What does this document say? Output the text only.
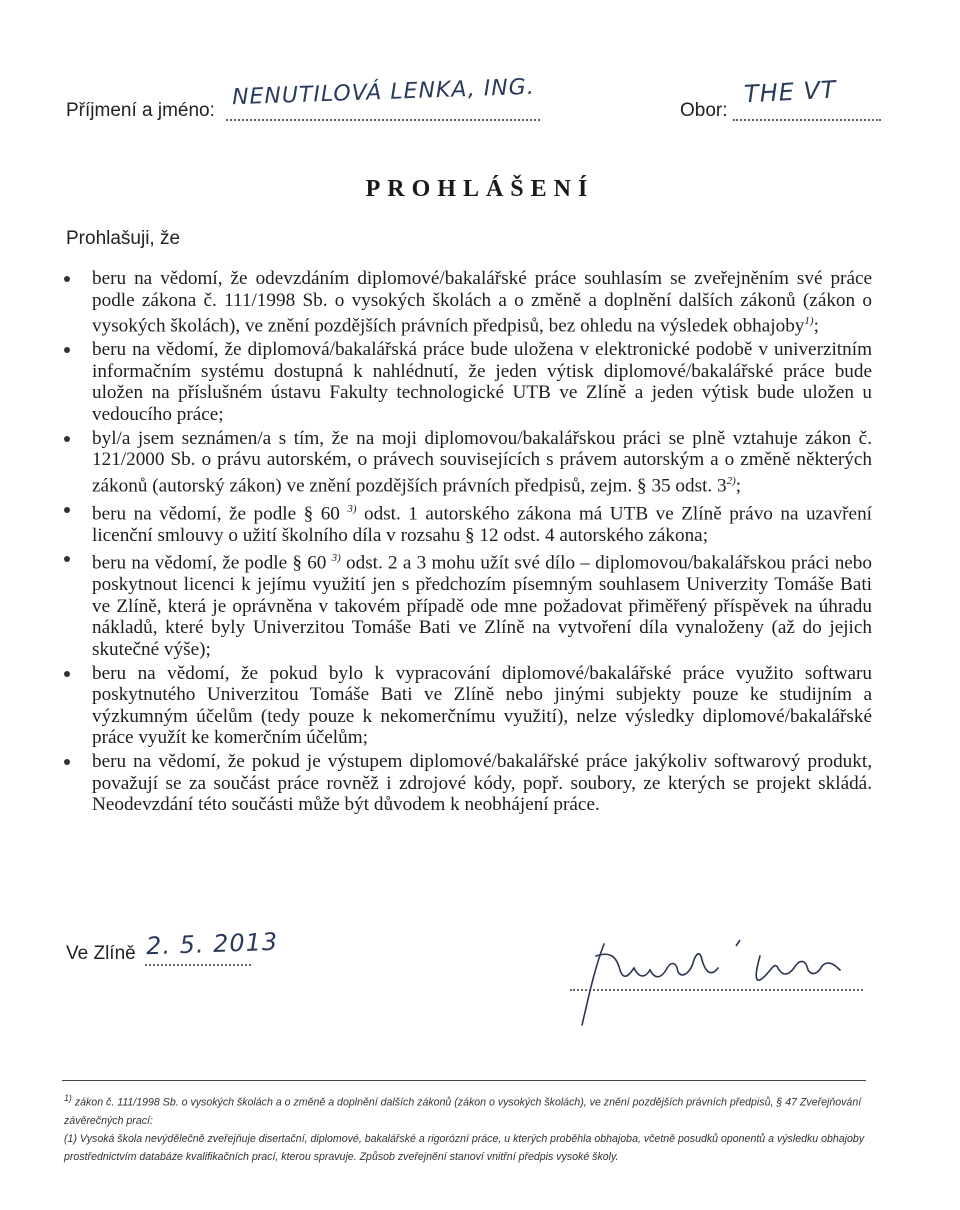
Příjmení a jméno:
NENUTILOVÁ LENKA, ING.
Obor:
THE VT
PROHLÁŠENÍ
Prohlašuji, že
beru na vědomí, že odevzdáním diplomové/bakalářské práce souhlasím se zveřejněním své práce podle zákona č. 111/1998 Sb. o vysokých školách a o změně a doplnění dalších zákonů (zákon o vysokých školách), ve znění pozdějších právních předpisů, bez ohledu na výsledek obhajoby$^{1)}$;
beru na vědomí, že diplomová/bakalářská práce bude uložena v elektronické podobě v univerzitním informačním systému dostupná k nahlédnutí, že jeden výtisk diplomové/bakalářské práce bude uložen na příslušném ústavu Fakulty technologické UTB ve Zlíně a jeden výtisk bude uložen u vedoucího práce;
byl/a jsem seznámen/a s tím, že na moji diplomovou/bakalářskou práci se plně vztahuje zákon č. 121/2000 Sb. o právu autorském, o právech souvisejících s právem autorským a o změně některých zákonů (autorský zákon) ve znění pozdějších právních předpisů, zejm. § 35 odst. 3$^{2)}$;
beru na vědomí, že podle § 60 $^{3)}$ odst. 1 autorského zákona má UTB ve Zlíně právo na uzavření licenční smlouvy o užití školního díla v rozsahu § 12 odst. 4 autorského zákona;
beru na vědomí, že podle § 60 $^{3)}$ odst. 2 a 3 mohu užít své dílo – diplomovou/bakalářskou práci nebo poskytnout licenci k jejímu využití jen s předchozím písemným souhlasem Univerzity Tomáše Bati ve Zlíně, která je oprávněna v takovém případě ode mne požadovat přiměřený příspěvek na úhradu nákladů, které byly Univerzitou Tomáše Bati ve Zlíně na vytvoření díla vynaloženy (až do jejich skutečné výše);
beru na vědomí, že pokud bylo k vypracování diplomové/bakalářské práce využito softwaru poskytnutého Univerzitou Tomáše Bati ve Zlíně nebo jinými subjekty pouze ke studijním a výzkumným účelům (tedy pouze k nekomerčnímu využití), nelze výsledky diplomové/bakalářské práce využít ke komerčním účelům;
beru na vědomí, že pokud je výstupem diplomové/bakalářské práce jakýkoliv softwarový produkt, považují se za součást práce rovněž i zdrojové kódy, popř. soubory, ze kterých se projekt skládá. Neodevzdání této součásti může být důvodem k neobhájení práce.
Ve Zlíně 2. 5. 2013

$^{1)}$ zákon č. 111/1998 Sb. o vysokých školách a o změně a doplnění dalších zákonů (zákon o vysokých školách), ve znění pozdějších právních předpisů, § 47 Zveřejňování závěrečných prací:

(1) Vysoká škola nevýdělečně zveřejňuje disertační, diplomové, bakalářské a rigorózní práce, u kterých proběhla obhajoba, včetně posudků oponentů a výsledku obhajoby prostřednictvím databáze kvalifikačních prací, kterou spravuje. Způsob zveřejnění stanoví vnitřní předpis vysoké školy.
